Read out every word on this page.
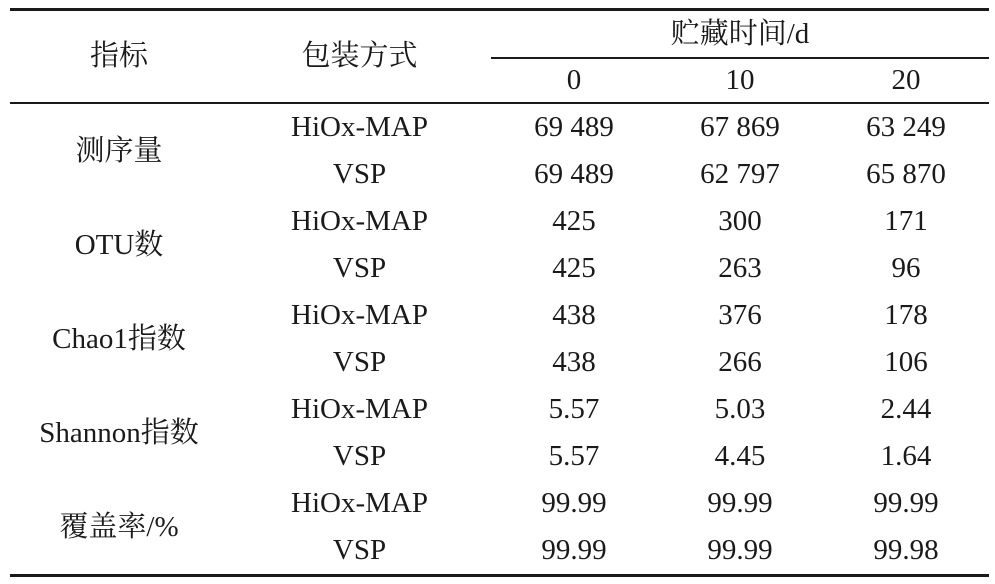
指标	包装方式
贮藏时间/d
0	10	20
测序量
HiOx-MAP	69 489	67 869	63 249
VSP	69 489	62 797	65 870
OTU数
HiOx-MAP	425	300	171
VSP	425	263	96
Chao1指数
HiOx-MAP	438	376	178
VSP	438	266	106
Shannon指数
HiOx-MAP	5.57	5.03	2.44
VSP	5.57	4.45	1.64
覆盖率/%
HiOx-MAP	99.99	99.99	99.99
VSP	99.99	99.99	99.98
